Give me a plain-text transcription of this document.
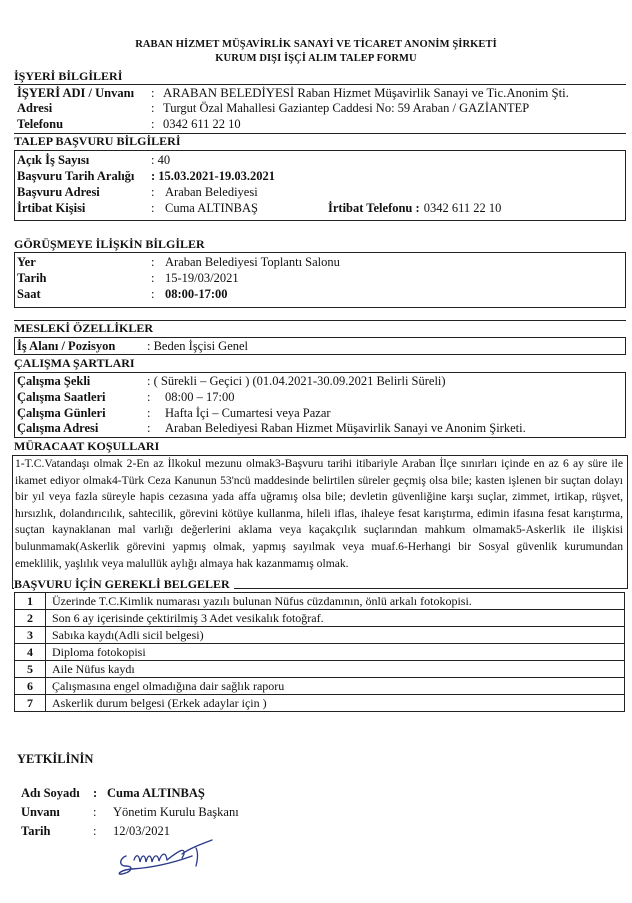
RABAN HİZMET MÜŞAVİRLİK SANAYİ VE TİCARET ANONİM ŞİRKETİ
KURUM DIŞI İŞÇİ ALIM TALEP FORMU
İŞYERİ BİLGİLERİ
İŞYERİ ADI / Unvanı : ARABAN BELEDİYESİ Raban Hizmet Müşavirlik Sanayi ve Tic.Anonim Şti.
Adresi	: Turgut Özal Mahallesi Gaziantep Caddesi No: 59 Araban / GAZİANTEP
Telefonu	: 0342 611 22 10
TALEP BAŞVURU BİLGİLERİ
Açık İş Sayısı	: 40
Başvuru Tarih Aralığı : 15.03.2021-19.03.2021
Başvuru Adresi	: Araban Belediyesi
İrtibat Kişisi	: Cuma ALTINBAŞ	İrtibat Telefonu : 0342 611 22 10
GÖRÜŞMEYE İLİŞKİN BİLGİLER
Yer	: Araban Belediyesi Toplantı Salonu
Tarih	: 15-19/03/2021
Saat	: 08:00-17:00
MESLEKİ ÖZELLİKLER
İş Alanı / Pozisyon	: Beden İşçisi Genel
ÇALIŞMA ŞARTLARI
Çalışma Şekli	: ( Sürekli – Geçici ) (01.04.2021-30.09.2021 Belirli Süreli)
Çalışma Saatleri	: 08:00 – 17:00
Çalışma Günleri	: Hafta İçi – Cumartesi veya Pazar
Çalışma Adresi	: Araban Belediyesi Raban Hizmet Müşavirlik Sanayi ve Anonim Şirketi.
MÜRACAAT KOŞULLARI
1-T.C.Vatandaşı olmak 2-En az İlkokul mezunu olmak3-Başvuru tarihi itibariyle Araban İlçe sınırları içinde en az 6 ay süre ile ikamet ediyor olmak4-Türk Ceza Kanunun 53'ncü maddesinde belirtilen süreler geçmiş olsa bile; kasten işlenen bir suçtan dolayı bir yıl veya fazla süreyle hapis cezasına yada affa uğramış olsa bile; devletin güvenliğine karşı suçlar, zimmet, irtikap, rüşvet, hırsızlık, dolandırıcılık, sahtecilik, görevini kötüye kullanma, hileli iflas, ihaleye fesat karıştırma, edimin ifasına fesat karıştırma, suçtan kaynaklanan mal varlığı değerlerini aklama veya kaçakçılık suçlarından mahkum olmamak5-Askerlik ile ilişkisi bulunmamak(Askerlik görevini yapmış olmak, yapmış sayılmak veya muaf.6-Herhangi bir Sosyal güvenlik kurumundan emeklilik, yaşlılık veya malullük aylığı almaya hak kazanmamış olmak.
BAŞVURU İÇİN GEREKLİ BELGELER
1	Üzerinde T.C.Kimlik numarası yazılı bulunan Nüfus cüzdanının, önlü arkalı fotokopisi.
2	Son 6 ay içerisinde çektirilmiş 3 Adet vesikalık fotoğraf.
3	Sabıka kaydı(Adli sicil belgesi)
4	Diploma fotokopisi
5	Aile Nüfus kaydı
6	Çalışmasına engel olmadığına dair sağlık raporu
7	Askerlik durum belgesi (Erkek adaylar için )
YETKİLİNİN
Adı Soyadı : Cuma ALTINBAŞ
Unvanı	: Yönetim Kurulu Başkanı
Tarih	: 12/03/2021
